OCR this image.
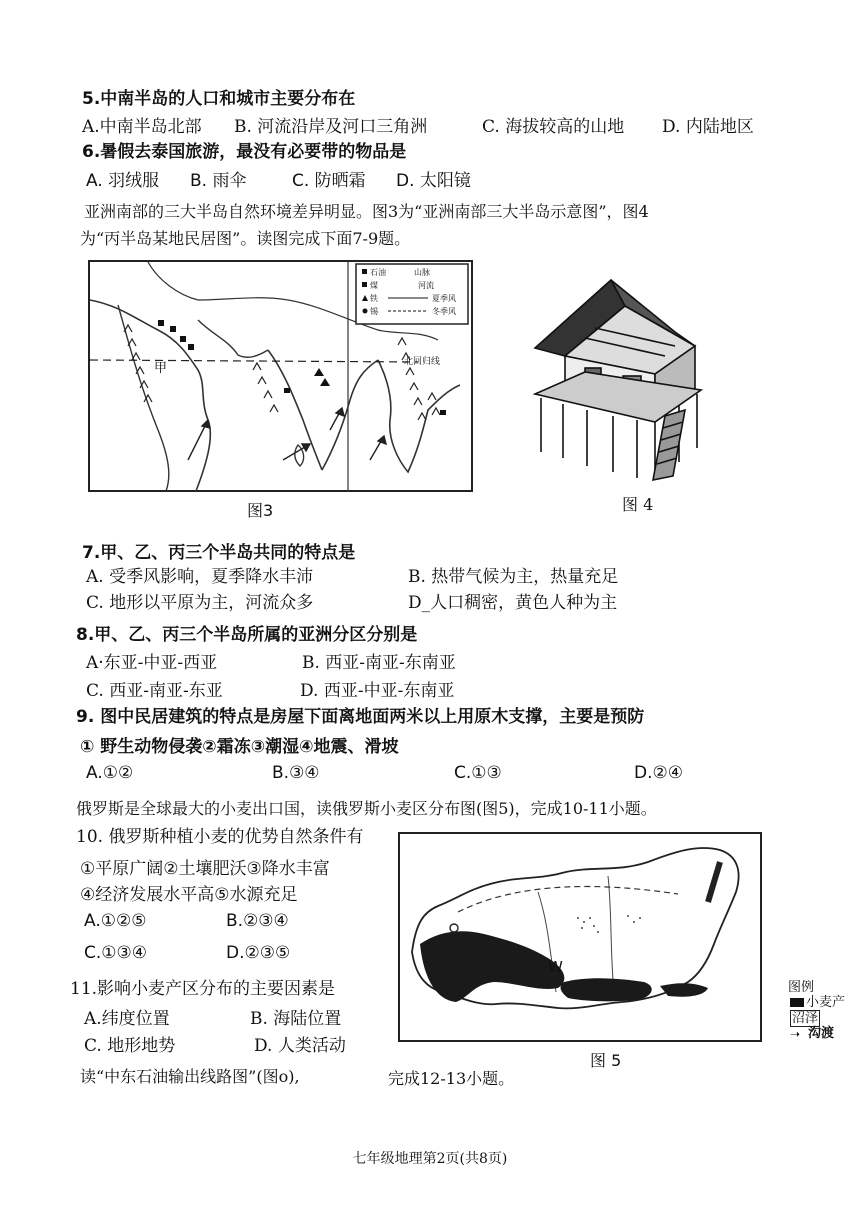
5.中南半岛的人口和城市主要分布在
A.中南半岛北部 B. 河流沿岸及河口三角洲	C. 海拔较高的山地 D. 内陆地区
6.暑假去泰国旅游，最没有必要带的物品是
A. 羽绒服 B. 雨伞	C. 防晒霜 D. 太阳镜
亚洲南部的三大半岛自然环境差异明显。图3为“亚洲南部三大半岛示意图”，图4
为“丙半岛某地民居图”。读图完成下面7-9题。
石油	山脉
煤	河流
铁	夏季风
锡	冬季风
甲	北回归线
图3	图 4
7.甲、乙、丙三个半岛共同的特点是
A. 受季风影响，夏季降水丰沛	B. 热带气候为主，热量充足
C. 地形以平原为主，河流众多	D_人口稠密，黄色人种为主
8.甲、乙、丙三个半岛所属的亚洲分区分别是
A·东亚-中亚-西亚	B. 西亚-南亚-东南亚
C. 西亚-南亚-东亚	D. 西亚-中亚-东南亚
9. 图中民居建筑的特点是房屋下面离地面两米以上用原木支撑，主要是预防
① 野生动物侵袭②霜冻③潮湿④地震、滑坡
A.①②	B.③④	C.①③	D.②④
俄罗斯是全球最大的小麦出口国，读俄罗斯小麦区分布图(图5)，完成10-11小题。
10. 俄罗斯种植小麦的优势自然条件有
①平原广阔②土壤肥沃③降水丰富
④经济发展水平高⑤水源充足
A.①②⑤	B.②③④
C.①③④	D.②③⑤
11.影响小麦产区分布的主要因素是
A.纬度位置	B. 海陆位置
C. 地形地势	D. 人类活动
W
图例
小麦产
沼泽
➝ 沟渡
图 5
读“中东石油输出线路图”(图o),	完成12-13小题。
七年级地理第2页(共8页)
